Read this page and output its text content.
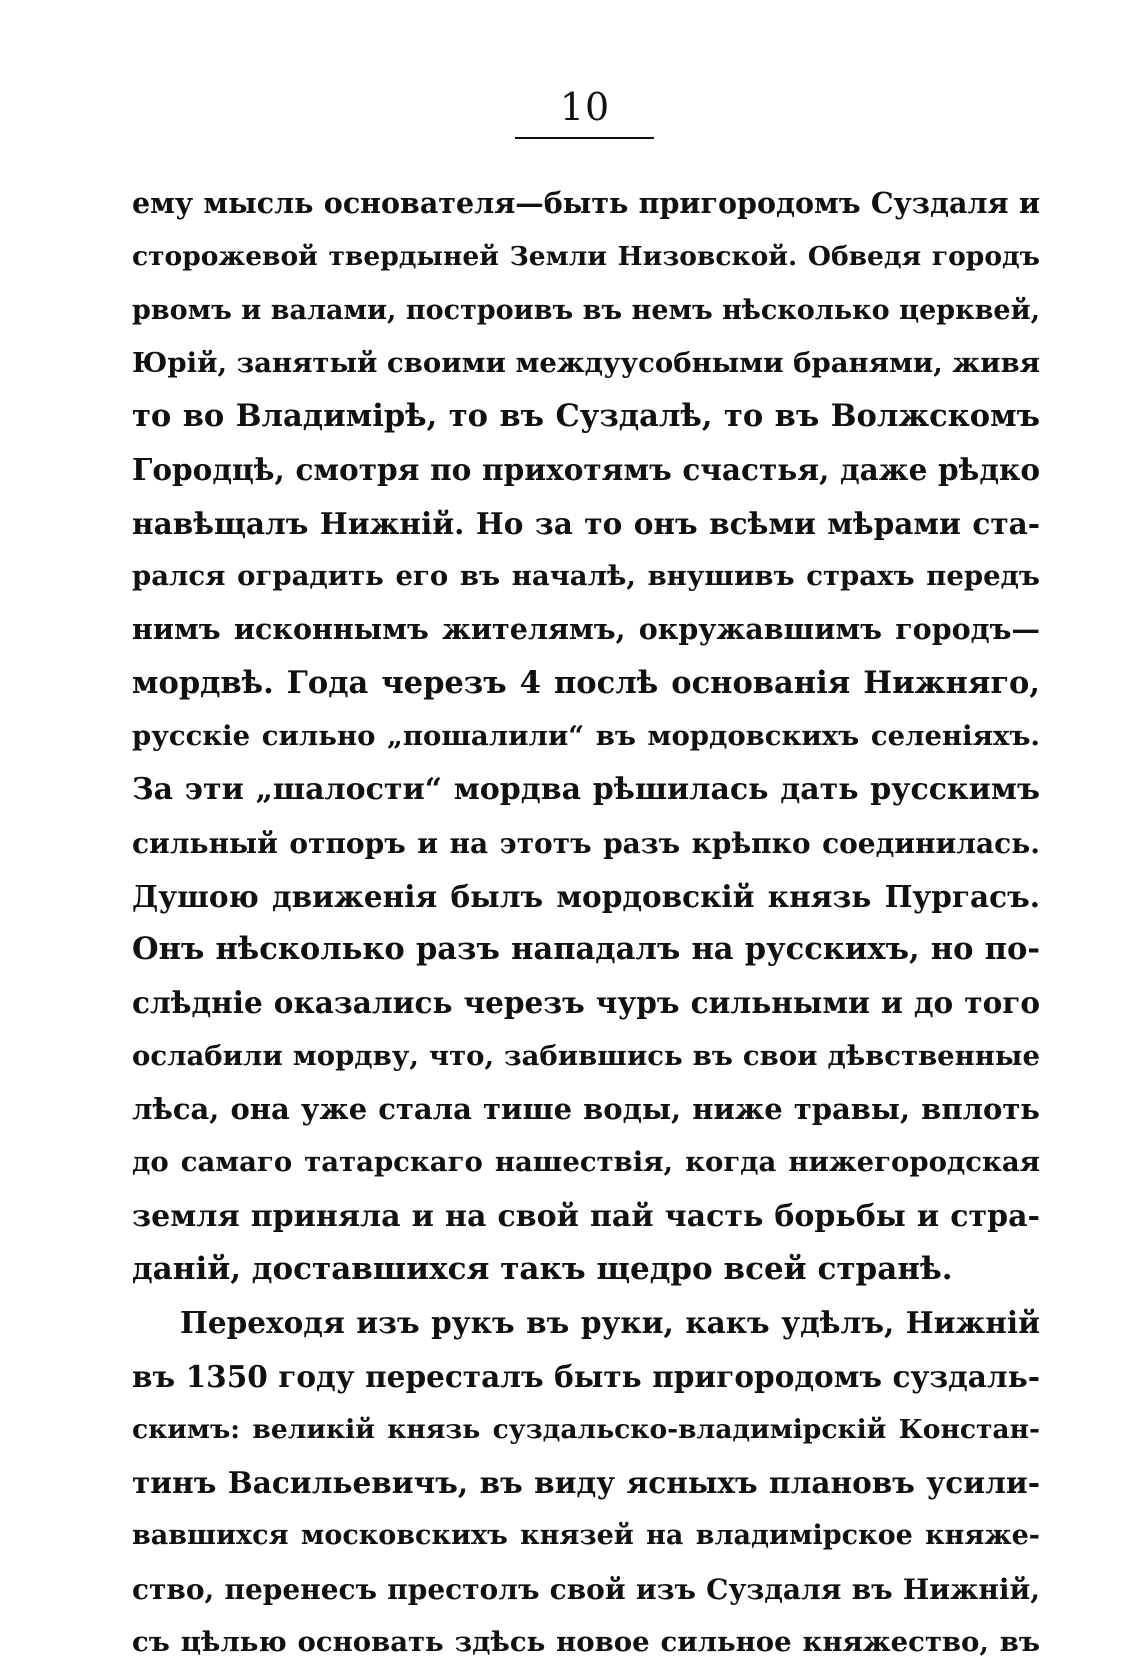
10
ему мысль основателя—быть пригородомъ Суздаля и
сторожевой твердыней Земли Низовской. Обведя городъ
рвомъ и валами, построивъ въ немъ нѣсколько церквей,
Юрій, занятый своими междуусобными бранями, живя
то во Владимірѣ, то въ Суздалѣ, то въ Волжскомъ
Городцѣ, смотря по прихотямъ счастья, даже рѣдко
навѣщалъ Нижній. Но за то онъ всѣми мѣрами ста-
рался оградить его въ началѣ, внушивъ страхъ передъ
нимъ исконнымъ жителямъ, окружавшимъ городъ—
мордвѣ. Года черезъ 4 послѣ основанія Нижняго,
русскіе сильно „пошалили“ въ мордовскихъ селеніяхъ.
За эти „шалости“ мордва рѣшилась дать русскимъ
сильный отпоръ и на этотъ разъ крѣпко соединилась.
Душою движенія былъ мордовскій князь Пургасъ.
Онъ нѣсколько разъ нападалъ на русскихъ, но по-
слѣдніе оказались черезъ чуръ сильными и до того
ослабили мордву, что, забившись въ свои дѣвственные
лѣса, она уже стала тише воды, ниже травы, вплоть
до самаго татарскаго нашествія, когда нижегородская
земля приняла и на свой пай часть борьбы и стра-
даній, доставшихся такъ щедро всей странѣ.
Переходя изъ рукъ въ руки, какъ удѣлъ, Нижній
въ 1350 году пересталъ быть пригородомъ суздаль-
скимъ: великій князь суздальско-владимірскій Констан-
тинъ Васильевичъ, въ виду ясныхъ плановъ усили-
вавшихся московскихъ князей на владимірское княже-
ство, перенесъ престолъ свой изъ Суздаля въ Нижній,
съ цѣлью основать здѣсь новое сильное княжество, въ
